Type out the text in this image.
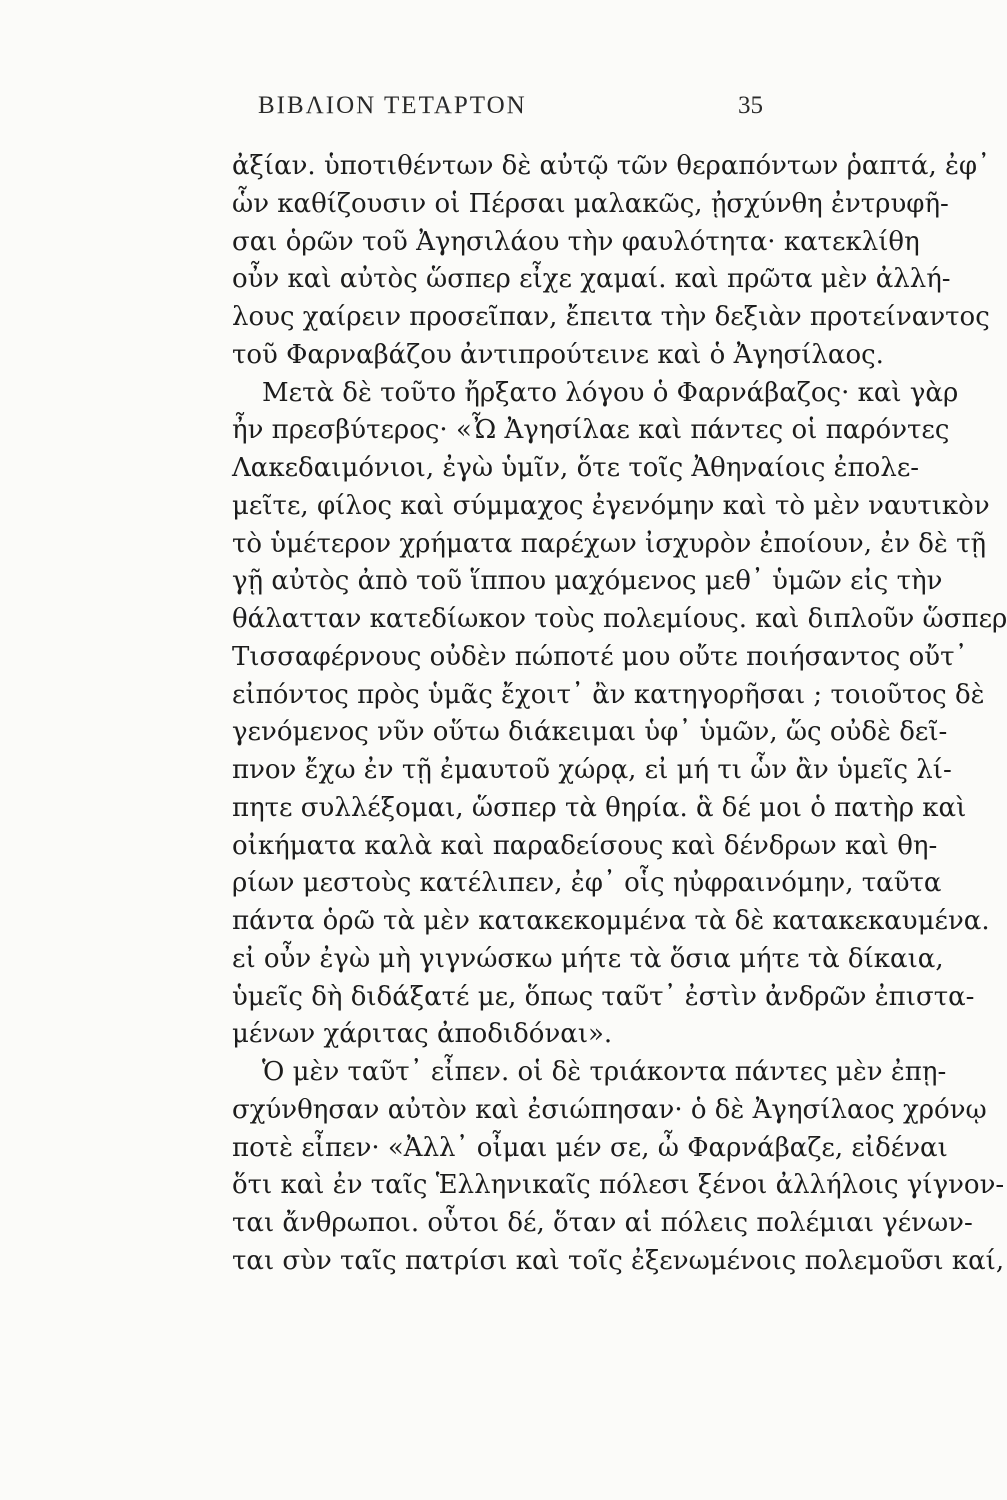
ΒΙΒΛΙΟΝ ΤΕΤΑΡΤΟΝ	35
ἀξίαν. ὑποτιθέντων δὲ αὐτῷ τῶν θεραπόντων ῥαπτά, ἐφ᾽
ὧν καθίζουσιν οἱ Πέρσαι μαλακῶς, ᾐσχύνθη ἐντρυφῆ-
σαι ὁρῶν τοῦ Ἀγησιλάου τὴν φαυλότητα· κατεκλίθη
οὖν καὶ αὐτὸς ὥσπερ εἶχε χαμαί. καὶ πρῶτα μὲν ἀλλή-
λους χαίρειν προσεῖπαν, ἔπειτα τὴν δεξιὰν προτείναντος
τοῦ Φαρναβάζου ἀντιπρούτεινε καὶ ὁ Ἀγησίλαος.
Μετὰ δὲ τοῦτο ἤρξατο λόγου ὁ Φαρνάβαζος· καὶ γὰρ
ἦν πρεσβύτερος· «Ὦ Ἀγησίλαε καὶ πάντες οἱ παρόντες
Λακεδαιμόνιοι, ἐγὼ ὑμῖν, ὅτε τοῖς Ἀθηναίοις ἐπολε-
μεῖτε, φίλος καὶ σύμμαχος ἐγενόμην καὶ τὸ μὲν ναυτικὸν
τὸ ὑμέτερον χρήματα παρέχων ἰσχυρὸν ἐποίουν, ἐν δὲ τῇ
γῇ αὐτὸς ἀπὸ τοῦ ἵππου μαχόμενος μεθ᾽ ὑμῶν εἰς τὴν
θάλατταν κατεδίωκον τοὺς πολεμίους. καὶ διπλοῦν ὥσπερ
Τισσαφέρνους οὐδὲν πώποτέ μου οὔτε ποιήσαντος οὔτ᾽
εἰπόντος πρὸς ὑμᾶς ἔχοιτ᾽ ἂν κατηγορῆσαι ; τοιοῦτος δὲ
γενόμενος νῦν οὕτω διάκειμαι ὑφ᾽ ὑμῶν, ὥς οὐδὲ δεῖ-
πνον ἔχω ἐν τῇ ἐμαυτοῦ χώρᾳ, εἰ μή τι ὧν ἂν ὑμεῖς λί-
πητε συλλέξομαι, ὥσπερ τὰ θηρία. ἃ δέ μοι ὁ πατὴρ καὶ
οἰκήματα καλὰ καὶ παραδείσους καὶ δένδρων καὶ θη-
ρίων μεστοὺς κατέλιπεν, ἐφ᾽ οἷς ηὐφραινόμην, ταῦτα
πάντα ὁρῶ τὰ μὲν κατακεκομμένα τὰ δὲ κατακεκαυμένα.
εἰ οὖν ἐγὼ μὴ γιγνώσκω μήτε τὰ ὅσια μήτε τὰ δίκαια,
ὑμεῖς δὴ διδάξατέ με, ὅπως ταῦτ᾽ ἐστὶν ἀνδρῶν ἐπιστα-
μένων χάριτας ἀποδιδόναι».
Ὁ μὲν ταῦτ᾽ εἶπεν. οἱ δὲ τριάκοντα πάντες μὲν ἐπῃ-
σχύνθησαν αὐτὸν καὶ ἐσιώπησαν· ὁ δὲ Ἀγησίλαος χρόνῳ
ποτὲ εἶπεν· «Ἀλλ᾽ οἶμαι μέν σε, ὦ Φαρνάβαζε, εἰδέναι
ὅτι καὶ ἐν ταῖς Ἑλληνικαῖς πόλεσι ξένοι ἀλλήλοις γίγνον-
ται ἄνθρωποι. οὗτοι δέ, ὅταν αἱ πόλεις πολέμιαι γένων-
ται σὺν ταῖς πατρίσι καὶ τοῖς ἐξενωμένοις πολεμοῦσι καί,
